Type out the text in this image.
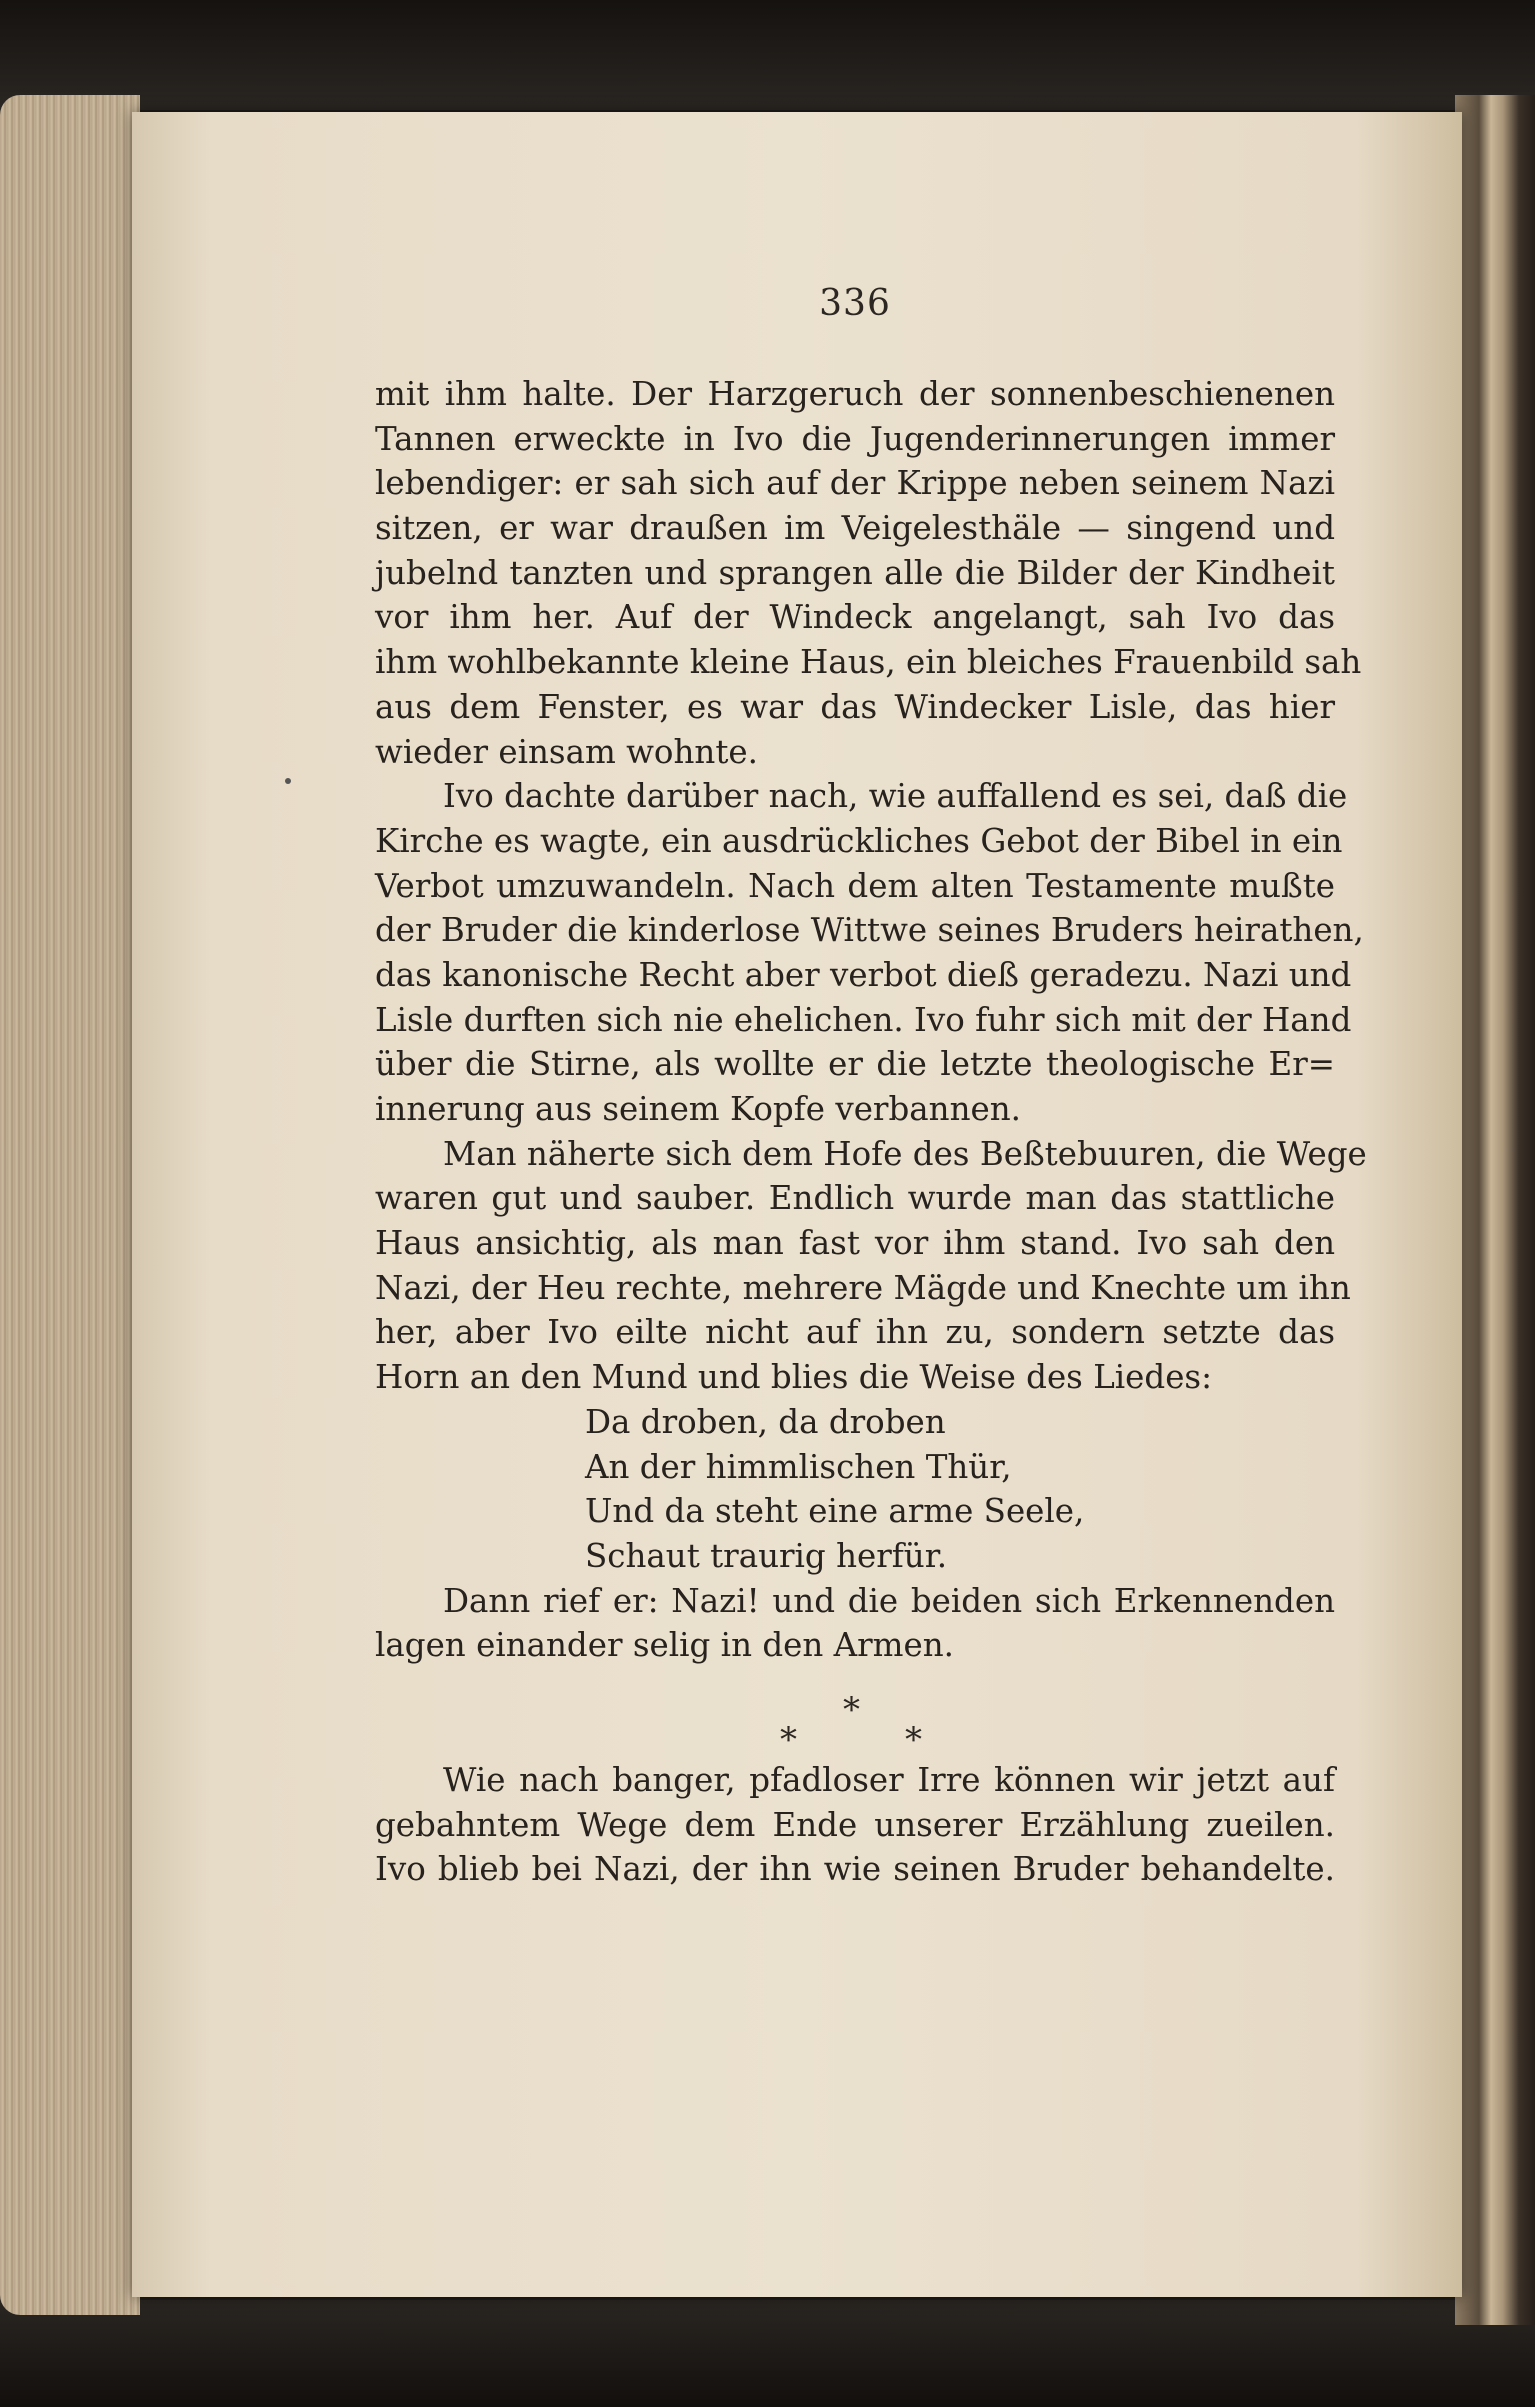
336
mit ihm halte. Der Harzgeruch der sonnenbeschienenen
Tannen erweckte in Ivo die Jugenderinnerungen immer
lebendiger: er sah sich auf der Krippe neben seinem Nazi
sitzen, er war draußen im Veigelesthäle — singend und
jubelnd tanzten und sprangen alle die Bilder der Kindheit
vor ihm her. Auf der Windeck angelangt, sah Ivo das
ihm wohlbekannte kleine Haus, ein bleiches Frauenbild sah
aus dem Fenster, es war das Windecker Lisle, das hier
wieder einsam wohnte.
Ivo dachte darüber nach, wie auffallend es sei, daß die
Kirche es wagte, ein ausdrückliches Gebot der Bibel in ein
Verbot umzuwandeln. Nach dem alten Testamente mußte
der Bruder die kinderlose Wittwe seines Bruders heirathen,
das kanonische Recht aber verbot dieß geradezu. Nazi und
Lisle durften sich nie ehelichen. Ivo fuhr sich mit der Hand
über die Stirne, als wollte er die letzte theologische Er=
innerung aus seinem Kopfe verbannen.
Man näherte sich dem Hofe des Beßtebuuren, die Wege
waren gut und sauber. Endlich wurde man das stattliche
Haus ansichtig, als man fast vor ihm stand. Ivo sah den
Nazi, der Heu rechte, mehrere Mägde und Knechte um ihn
her, aber Ivo eilte nicht auf ihn zu, sondern setzte das
Horn an den Mund und blies die Weise des Liedes:
Da droben, da droben
An der himmlischen Thür,
Und da steht eine arme Seele,
Schaut traurig herfür.
Dann rief er: Nazi! und die beiden sich Erkennenden
lagen einander selig in den Armen.
*
*
*
Wie nach banger, pfadloser Irre können wir jetzt auf
gebahntem Wege dem Ende unserer Erzählung zueilen.
Ivo blieb bei Nazi, der ihn wie seinen Bruder behandelte.
